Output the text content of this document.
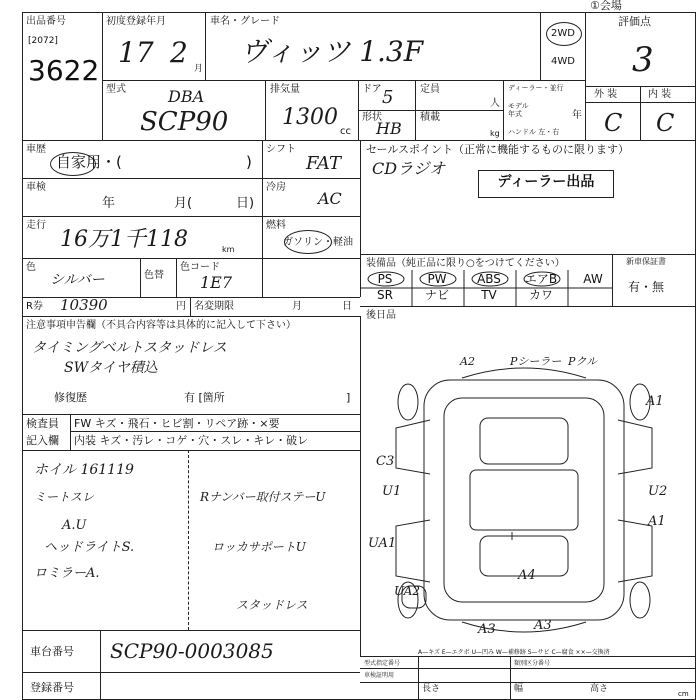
①会場
出品番号
[2072]
3622
初度登録年月
17 2 月
車名・グレード
ヴィッツ 1.3F
2WD
4WD
評価点
3
型式	DBA
SCP90
排気量
1300
cc
ドア 5
形状
HB
定員
人
積載
kg
ディーラー・並行
モデル年式	年
ハンドル 左・右
外 装	内 装
C C
車歴
自家用・(	)
車検
年	月(	日)
走行
16万1千118	km
色
シルバー	色替
色コード
1E7
シフト
FAT
冷房
AC
燃料
ガソリン・軽油
R券 10390	円 名変期限	月	日
セールスポイント（正常に機能するものに限ります）
CDラジオ
ディーラー出品
装備品（純正品に限り○をつけてください）	新車保証書
有・無
PS	PW	ABS	エアB	AW
SR	ナビ	TV	カワ
後日品
注意事項申告欄（不具合内容等は具体的に記入して下さい）
タイミングベルトスタッドレス
SWタイヤ積込
修復歴	有 [箇所	]
検査員
記入欄
FW キズ・飛石・ヒビ割・リペア跡・×要
内装 キズ・汚レ・コゲ・穴・スレ・キレ・破レ
ホイル 161119
ミートスレ
A.U
ヘッドライトS.
ロミラーA.
Rナンバー取付ステーU
ロッカサポートU
スタッドレス
A2	Pシーラー Pクル
A1
C3
U1	U2
A1
UA1
UA2
A4
A3	A3
A—キズ E—エクボ U—凹み W—補修跡 S—サビ C—腐食 ××—交換済
車台番号 SCP90-0003085
登録番号
型式指定番号	類別区分番号
車検証明用
長さ	幅	高さ	cm
